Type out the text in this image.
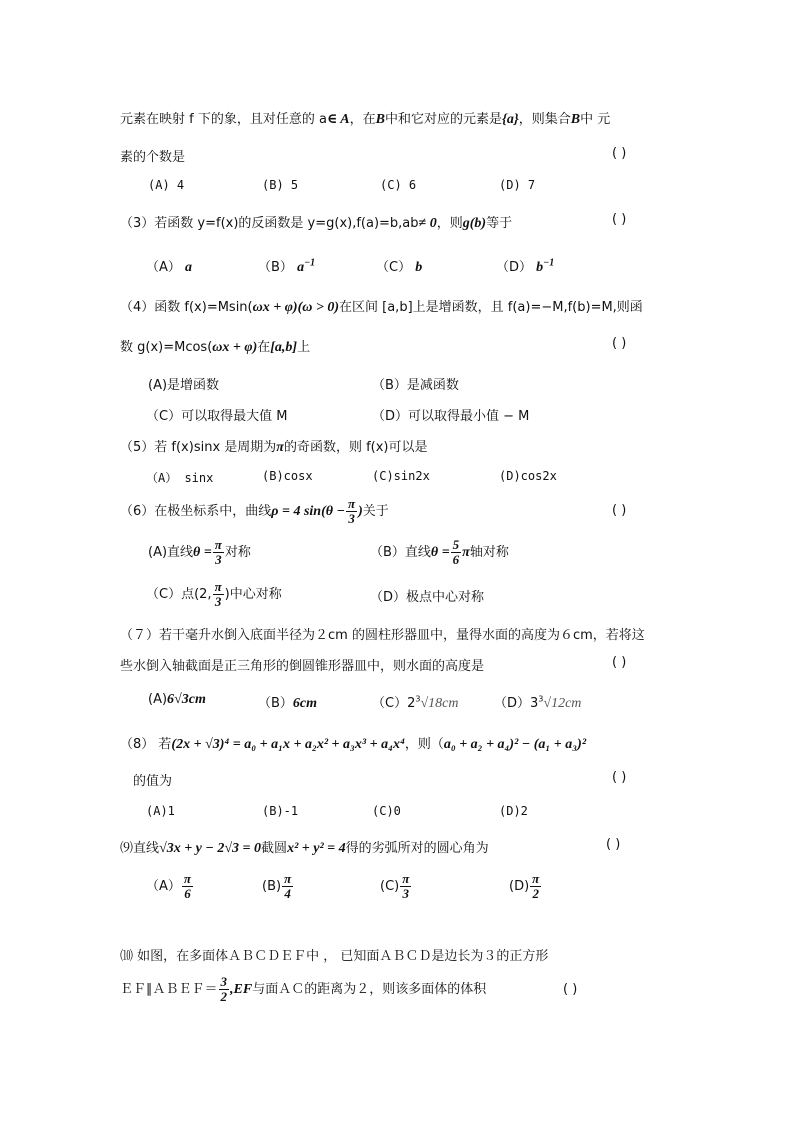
元素在映射 f 下的象，且对任意的 a∈ A，在B中和它对应的元素是{a}，则集合B中 元
素的个数是	( )
(A) 4	(B) 5	(C) 6	(D) 7
（3）若函数 y=f(x)的反函数是 y=g(x),f(a)=b,ab≠ 0，则g(b)等于	( )
（A） a	（B） $a^{-1}$	（C） b	（D） $b^{-1}$
（4）函数 f(x)=Msin(ωx + φ)(ω > 0)在区间 [a,b]上是增函数，且 f(a)=−M,f(b)=M,则函
数 g(x)=Mcos(ωx + φ)在[a,b]上	( )
(A)是增函数	（B）是减函数
（C）可以取得最大值 M	（D）可以取得最小值 − M
（5）若 f(x)sinx 是周期为π的奇函数，则 f(x)可以是
（A） sinx	(B)cosx	(C)sin2x	(D)cos2x
（6）在极坐标系中，曲线ρ = 4 $\sin(\theta - \frac{\pi}{3}$ )关于	( )
(A)直线$\theta = \frac{\pi}{3}$ 对称	（B）直线$\theta = \frac{5}{6}$ π轴对称
（C）点(2, $\frac{\pi}{3}$ )中心对称	（D）极点中心对称
（７）若干毫升水倒入底面半径为２cm 的圆柱形器皿中，量得水面的高度为６cm，若将这
些水倒入轴截面是正三角形的倒圆锥形器皿中，则水面的高度是	( )
(A)6√3cm	（B）6cm	$(C)2^3√18cm$	$(D)3^3√12cm$
（8） 若(2x + √3)⁴ = a₀ + a₁x + a₂x² + a₃x³ + a₄x⁴，则（a₀ + a₂ + a₄)² − (a₁ + a₃)²
的值为	( )
(A)1	(B)-1	(C)0	(D)2
⑼直线√3x + y − 2√3 = 0截圆x² + y² = 4得的劣弧所对的圆心角为	( )
$(A) \frac{\pi}{6}$	$(B) \frac{\pi}{4}$	$(C) \frac{\pi}{3}$	$(D) \frac{\pi}{2}$
⑽ 如图，在多面体ＡＢＣＤＥＦ中 ， 已知面ＡＢＣＤ是边长为３的正方形
ＥＦ∥ＡＢＥＦ＝ $\frac{3}{2} ,EF$与面ＡＣ的距离为２，则该多面体的体积	( )
